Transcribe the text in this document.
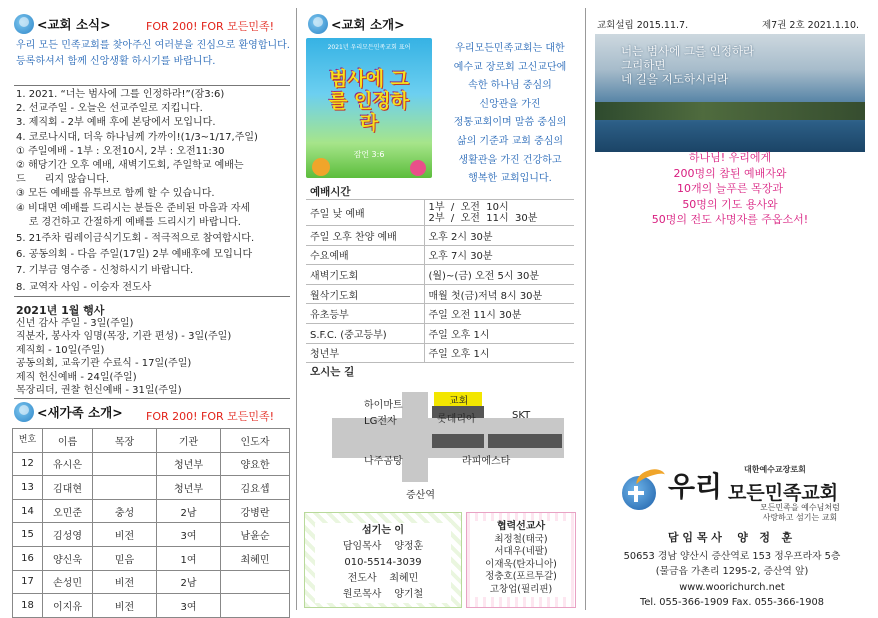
<교회 소식>	FOR 200! FOR 모든민족!
우리 모든 민족교회를 찾아주신 여러분을 진심으로 환영합니다. 등록하셔서 함께 신앙생활 하시기를 바랍니다.
1. 2021. “너는 범사에 그를 인정하라!”(잠3:6)
2. 선교주일 - 오늘은 선교주일로 지킵니다.
3. 제직회 - 2부 예배 후에 본당에서 모입니다.
4. 코로나시대, 더욱 하나님께 가까이!(1/3~1/17,주일)
① 주일예배 - 1부 : 오전10시, 2부 : 오전11:30
② 해당기간 오후 예배, 새벽기도회, 주일학교 예배는
드      리지 않습니다.
③ 모든 예배를 유투브로 함께 할 수 있습니다.
④ 비대면 예배를 드리시는 분들은 준비된 마음과 자세
로 경건하고 간절하게 예배를 드리시기 바랍니다.
5. 21주차 림레이금식기도회 - 적극적으로 참여합시다.
6. 공동의회 - 다음 주일(17일) 2부 예배후에 모입니다
7. 기부금 영수증 - 신청하시기 바랍니다.
8. 교역자 사임 - 이승자 전도사
2021년 1월 행사
신년 감사 주일 - 3일(주일)
직분자, 봉사자 임명(목장, 기관 편성) - 3일(주일)
제직회 - 10일(주일)
공동의회, 교육기관 수료식 - 17일(주일)
제직 헌신예배 - 24일(주일)
목장리더, 권찰 헌신예배 - 31일(주일)
<새가족 소개> FOR 200! FOR 모든민족!
번호	이름	목장	기관	인도자
12	유시은		청년부	양요한
13	김대현		청년부	김요셉
14	오민준	충성	2남	강병란
15	김성영	비전	3여	남윤순
16	양신욱	믿음	1여	최혜민
17	손성민	비전	2남	
18	이지유	비전	3여	
<교회 소개>
2021년 우리모든민족교회 표어
범사에 그를 인정하라
잠언 3:6
우리모든민족교회는 대한
예수교 장로회 고신교단에
속한 하나님 중심의
신앙관을 가진
정통교회이며 말씀 중심의
삶의 기준과 교회 중심의
생활관을 가진 건강하고
행복한 교회입니다.
예배시간
주일 낮 예배	1부  /  오전  10시
2부  /  오전  11시  30분
주일 오후 찬양 예배	오후 2시 30분
수요예배	오후 7시 30분
새벽기도회	(월)~(금) 오전 5시 30분
월삭기도회	매월 첫(금)저녁 8시 30분
유초등부	주일 오전 11시 30분
S.F.C. (중고등부)	주일 오후 1시
청년부	주일 오후 1시
오시는 길
하이마트	교회
LG전자	롯데리아	SKT
나주곰탕	라피에스타
증산역
섬기는 이
담임목사 양정훈
010-5514-3039
전도사 최혜민
원로목사 양기철
협력선교사
최정철(태국)
서대우(네팔)
이재욱(탄자니아)
정충호(포르투갈)
고창업(필리핀)
교회설립 2015.11.7.	제7권 2호 2021.1.10.
너는 범사에 그를 인정하라
그리하면
네 길을 지도하시리라
하나님! 우리에게
200명의 참된 예배자와
10개의 늘푸른 목장과
50명의 기도 용사와
50명의 전도 사명자를 주옵소서!
대한예수교장로회
우리 모든민족교회
모든민족을 예수님처럼
사랑하고 섬기는 교회
담 임 목 사    양   정   훈
50653 경남 양산시 증산역로 153 정우프라자 5층
(물금읍 가촌리 1295-2, 증산역 앞)
www.woorichurch.net
Tel. 055-366-1909 Fax. 055-366-1908
